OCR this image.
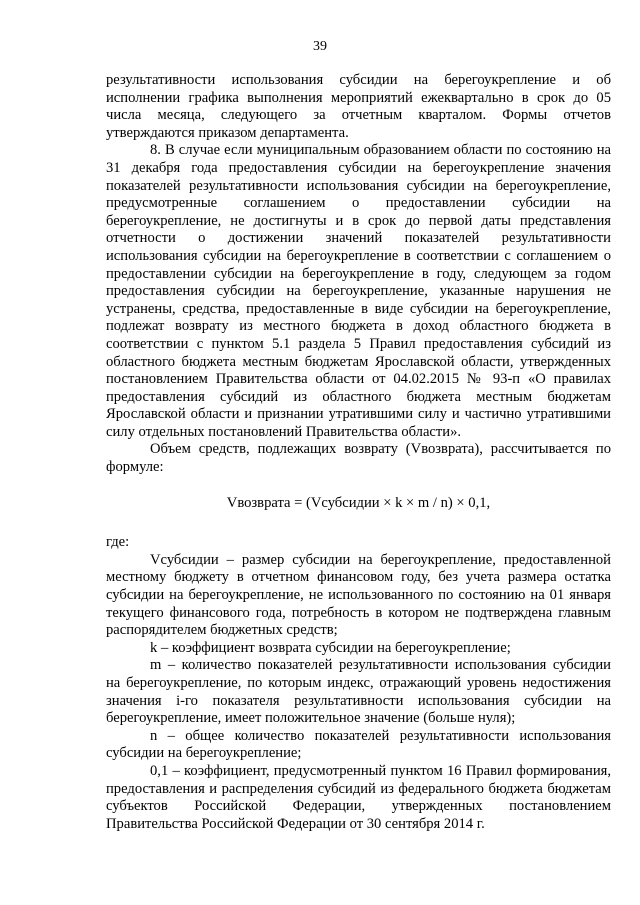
39

результативности использования субсидии на берегоукрепление и об исполнении графика выполнения мероприятий ежеквартально в срок до 05 числа месяца, следующего за отчетным кварталом. Формы отчетов утверждаются приказом департамента.

8. В случае если муниципальным образованием области по состоянию на 31 декабря года предоставления субсидии на берегоукрепление значения показателей результативности использования субсидии на берегоукрепление, предусмотренные соглашением о предоставлении субсидии на берегоукрепление, не достигнуты и в срок до первой даты представления отчетности о достижении значений показателей результативности использования субсидии на берегоукрепление в соответствии с соглашением о предоставлении субсидии на берегоукрепление в году, следующем за годом предоставления субсидии на берегоукрепление, указанные нарушения не устранены, средства, предоставленные в виде субсидии на берегоукрепление, подлежат возврату из местного бюджета в доход областного бюджета в соответствии с пунктом 5.1 раздела 5 Правил предоставления субсидий из областного бюджета местным бюджетам Ярославской области, утвержденных постановлением Правительства области от 04.02.2015 № 93-п «О правилах предоставления субсидий из областного бюджета местным бюджетам Ярославской области и признании утратившими силу и частично утратившими силу отдельных постановлений Правительства области».

Объем средств, подлежащих возврату (Vвозврата), рассчитывается по формуле:

Vвозврата = (Vсубсидии × k × m / n) × 0,1,

где:

Vсубсидии – размер субсидии на берегоукрепление, предоставленной местному бюджету в отчетном финансовом году, без учета размера остатка субсидии на берегоукрепление, не использованного по состоянию на 01 января текущего финансового года, потребность в котором не подтверждена главным распорядителем бюджетных средств;

k – коэффициент возврата субсидии на берегоукрепление;

m – количество показателей результативности использования субсидии на берегоукрепление, по которым индекс, отражающий уровень недостижения значения i-го показателя результативности использования субсидии на берегоукрепление, имеет положительное значение (больше нуля);

n – общее количество показателей результативности использования субсидии на берегоукрепление;

0,1 – коэффициент, предусмотренный пунктом 16 Правил формирования, предоставления и распределения субсидий из федерального бюджета бюджетам субъектов Российской Федерации, утвержденных постановлением Правительства Российской Федерации от 30 сентября 2014 г.
